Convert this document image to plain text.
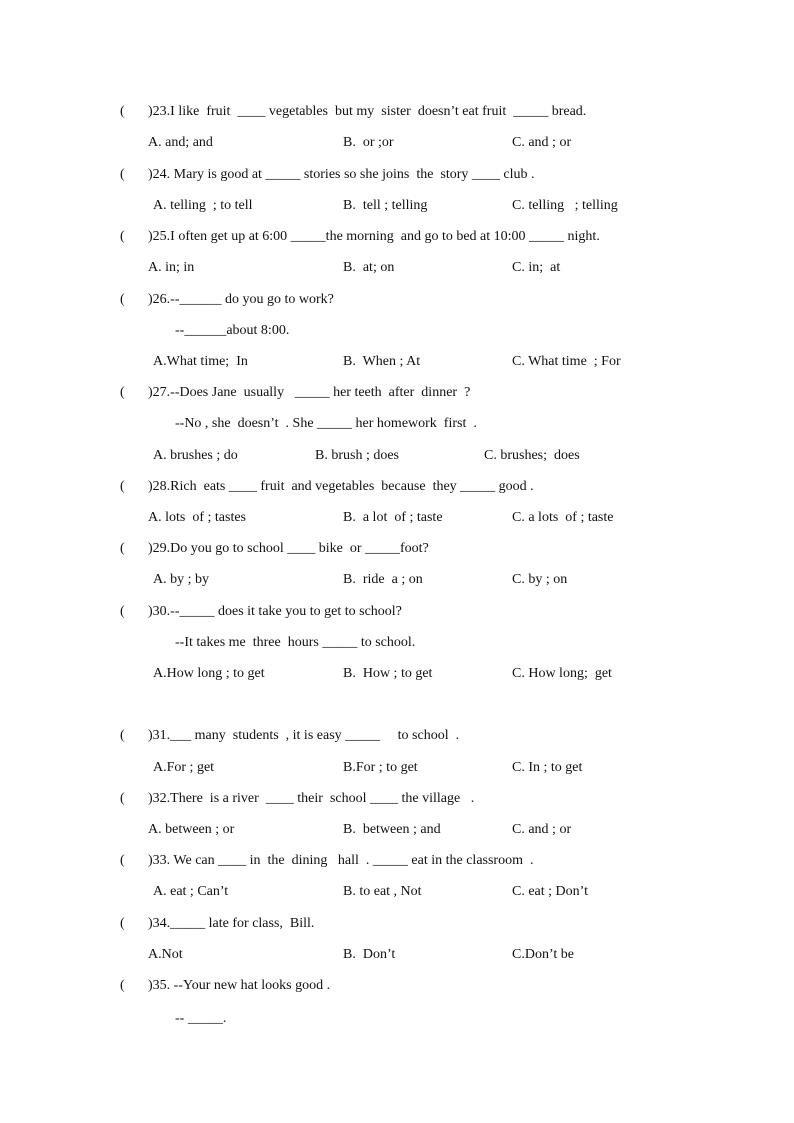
(

)23.I like  fruit  ____ vegetables  but my  sister  doesn’t eat fruit  _____ bread.

A. and; and

	B.  or ;or

	C. and ; or

(

)24. Mary is good at _____ stories so she joins  the  story ____ club .

A. telling  ; to tell

	B.  tell ; telling

	C. telling   ; telling

(

)25.I often get up at 6:00 _____the morning  and go to bed at 10:00 _____ night.

A. in; in

	B.  at; on

	C. in;  at

(

)26.--______ do you go to work?

--______about 8:00.

A.What time;  In

	B.  When ; At

	C. What time  ; For

(

)27.--Does Jane  usually   _____ her teeth  after  dinner  ?

--No , she  doesn’t  . She _____ her homework  first  .

A. brushes ; do

	B. brush ; does

	C. brushes;  does

(

)28.Rich  eats ____ fruit  and vegetables  because  they _____ good .

A. lots  of ; tastes

	B.  a lot  of ; taste

	C. a lots  of ; taste

(

)29.Do you go to school ____ bike  or _____foot?

A. by ; by

	B.  ride  a ; on

	C. by ; on

(

)30.--_____ does it take you to get to school?

--It takes me  three  hours _____ to school.

A.How long ; to get

	B.  How ; to get

	C. How long;  get

(

)31.___ many  students  , it is easy _____     to school  .

A.For ; get

	B.For ; to get

	C. In ; to get

(

)32.There  is a river  ____ their  school ____ the village   .

A. between ; or

	B.  between ; and

	C. and ; or

(

)33. We can ____ in  the  dining   hall  . _____ eat in the classroom  .

A. eat ; Can’t

	B. to eat , Not

	C. eat ; Don’t

(

)34._____ late for class,  Bill.

A.Not

	B.  Don’t

	C.Don’t be

(

)35. --Your new hat looks good .

-- _____.
